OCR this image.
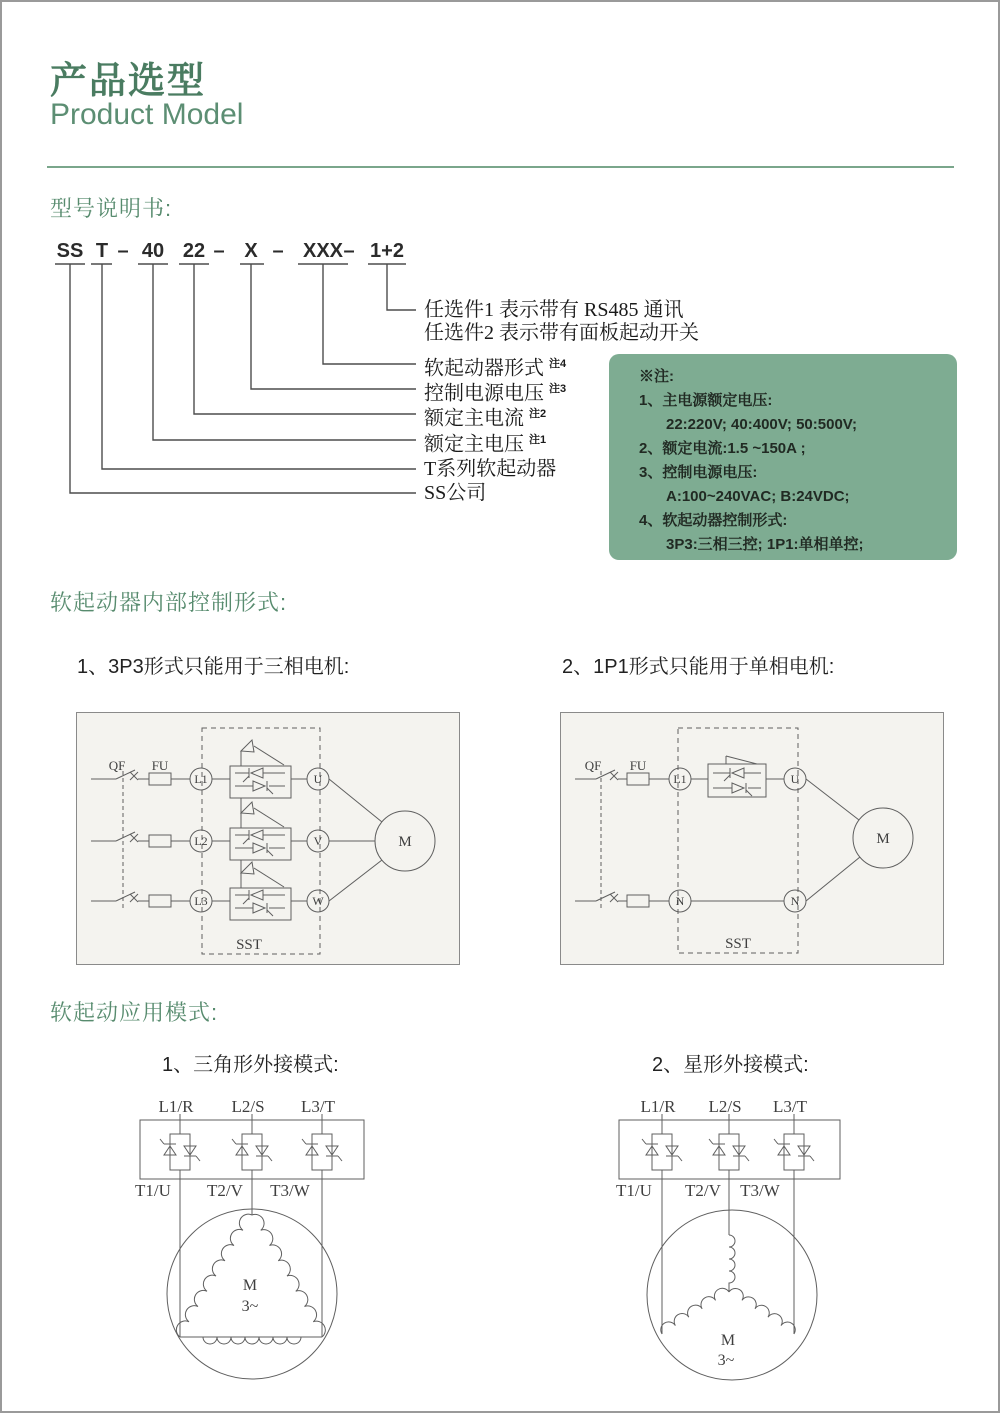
产品选型
Product Model
型号说明书:
SS T – 40 22 – X – XXX – 1+2
任选件1 表示带有 RS485 通讯
任选件2 表示带有面板起动开关
软起动器形式 $^{注4}$
控制电源电压 $^{注3}$
额定主电流 $^{注2}$
额定主电压 $^{注1}$
T系列软起动器
SS公司
※注:
1、主电源额定电压:
22:220V; 40:400V; 50:500V;
2、额定电流:1.5 ~150A ;
3、控制电源电压:
A:100~240VAC; B:24VDC;
4、软起动器控制形式:
3P3:三相三控; 1P1:单相单控;
软起动器内部控制形式:
1、3P3形式只能用于三相电机:	2、1P1形式只能用于单相电机:
QF FU
L1
L2
L3
U
V
W
SST
M
QF FU
L1	U
N	N
SST
M
软起动应用模式:
1、三角形外接模式:	2、星形外接模式:
L1/R L2/S L3/T
T1/U T2/V T3/W
M
3~
L1/R L2/S L3/T
T1/U T2/V T3/W
M
3~
